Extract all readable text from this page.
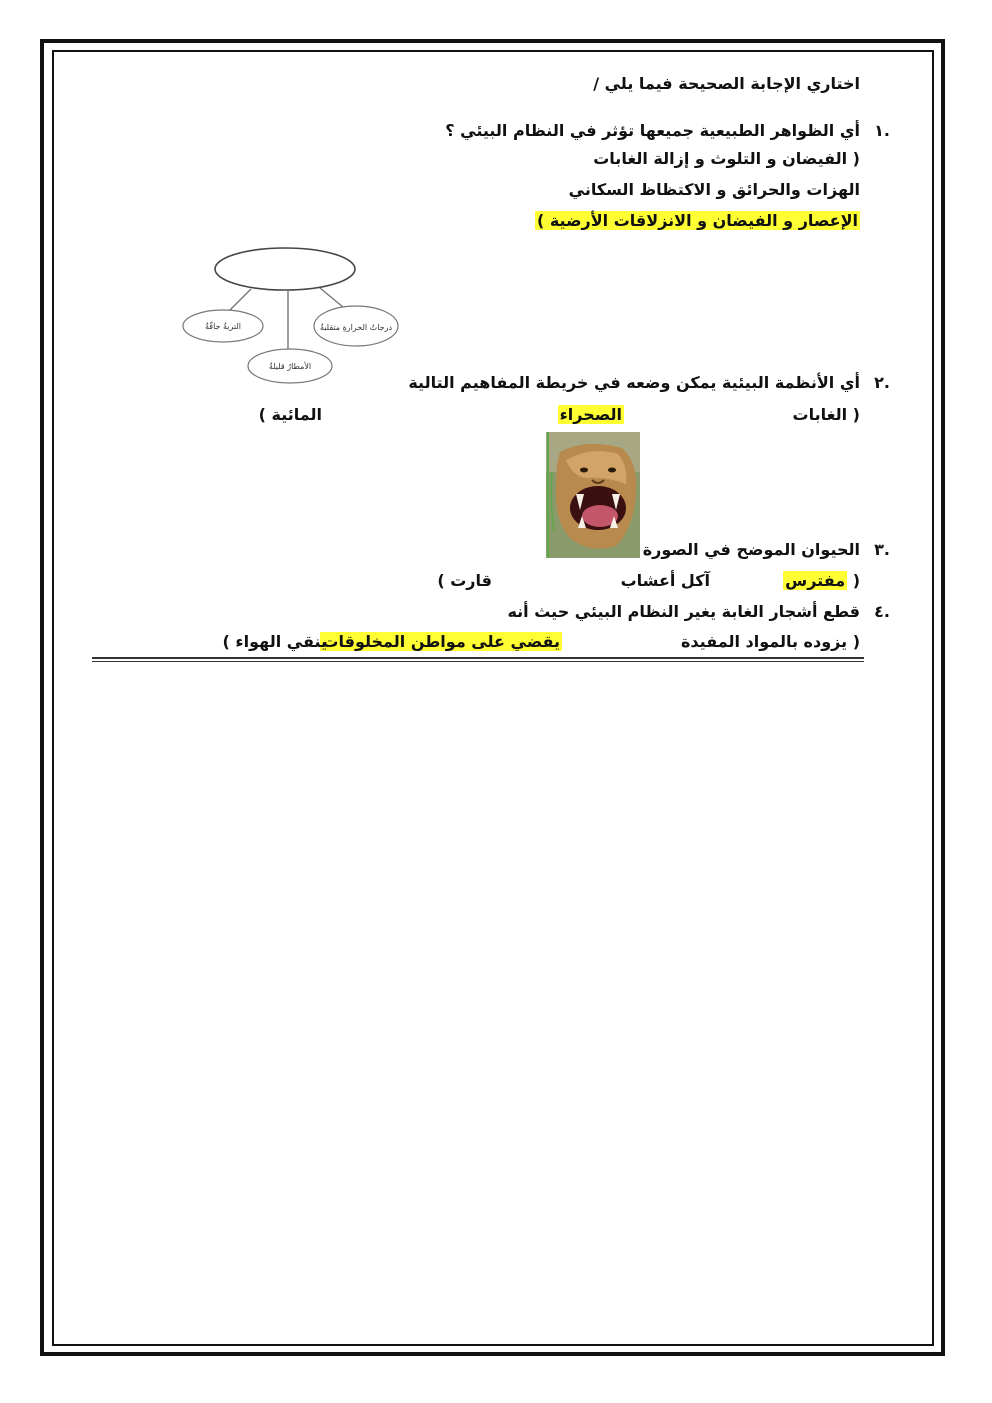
اختاري الإجابة الصحيحة فيما يلي /
.١
أي الظواهر الطبيعية جميعها تؤثر في النظام البيئي ؟
( الفيضان و التلوث و إزالة الغابات
الهزات والحرائق و الاكتظاظ السكاني
الإعصار و الفيضان و الانزلاقات الأرضية )
التربةُ جافّةٌ	درجاتُ الحرارةِ متقلبةٌ
الأمطارُ قليلةٌ
.٢
أي الأنظمة البيئية يمكن وضعه في خريطة المفاهيم التالية
( الغابات
الصحراء
المائية )
.٣
الحيوان الموضح في الصورة
( مفترس
آكل أعشاب
قارت )
.٤
قطع أشجار الغابة يغير النظام البيئي حيث أنه
( يزوده بالمواد المفيدة
يقضي على مواطن المخلوقات
ينقي الهواء )
